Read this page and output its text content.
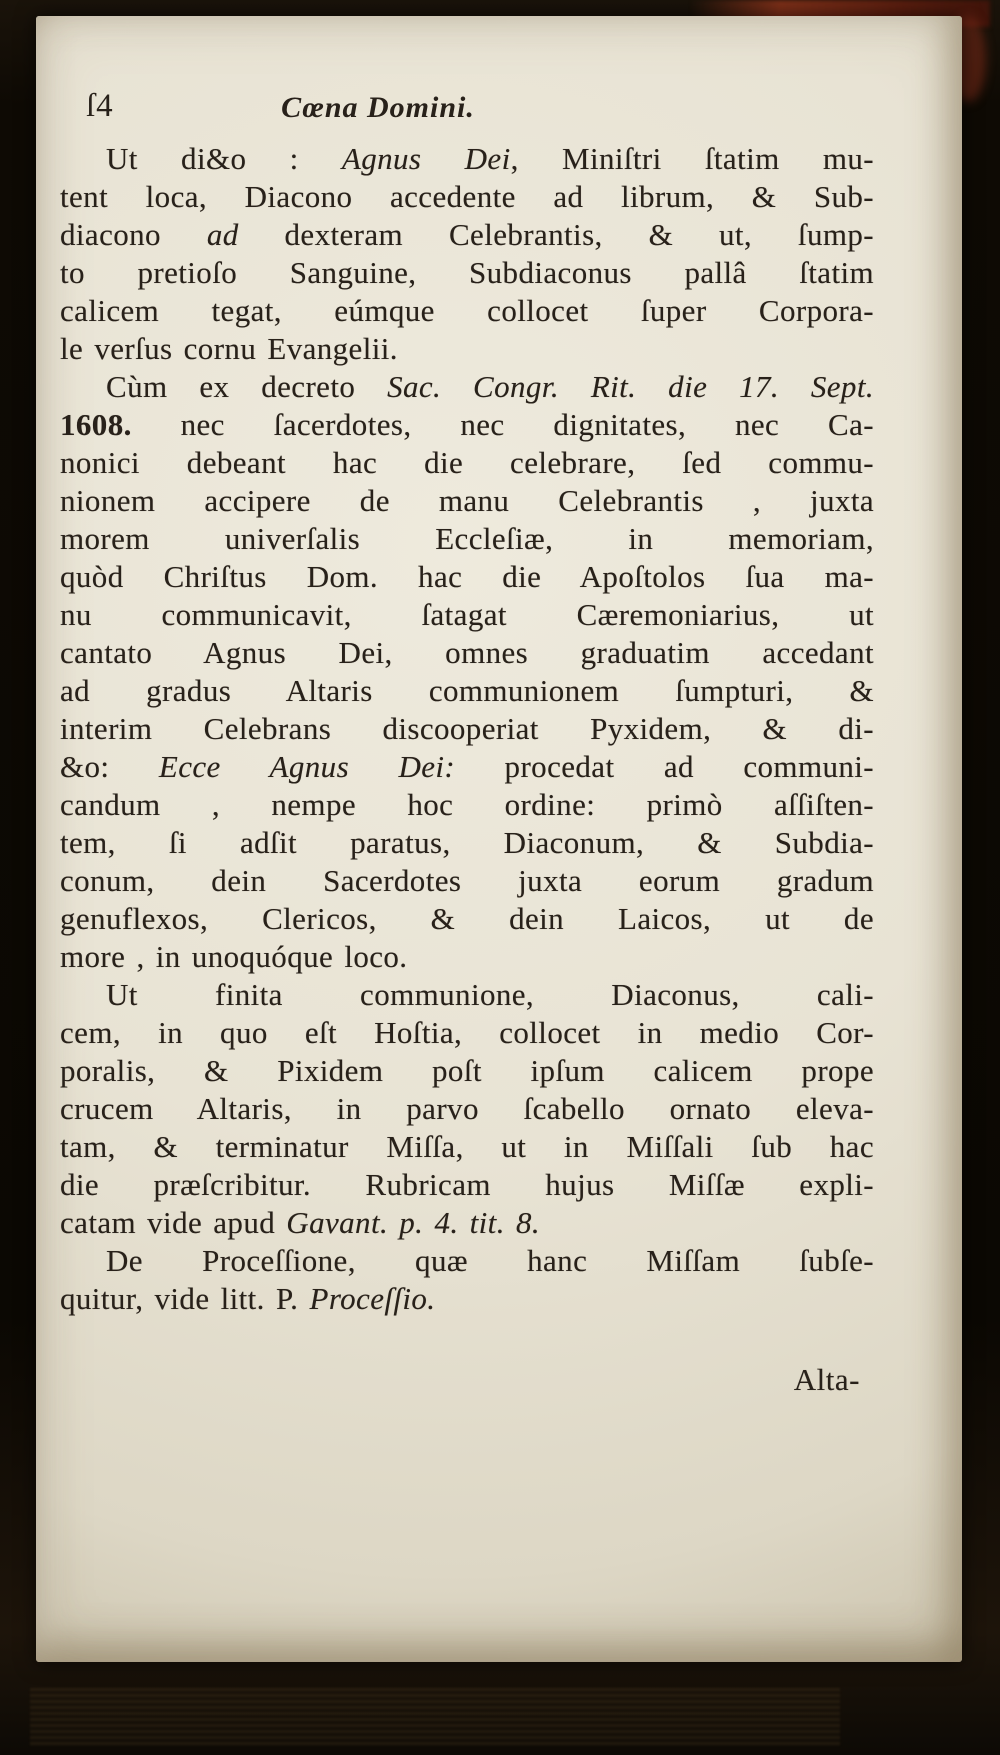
ſ4	Cœna Domini.
Ut di&o : Agnus Dei, Miniſtri ſtatim mu-
tent loca, Diacono accedente ad librum, & Sub-
diacono ad dexteram Celebrantis, & ut, ſump-
to pretioſo Sanguine, Subdiaconus pallâ ſtatim
calicem tegat, eúmque collocet ſuper Corpora-
le verſus cornu Evangelii.
Cùm ex decreto Sac. Congr. Rit. die 17. Sept.
1608. nec ſacerdotes, nec dignitates, nec Ca-
nonici debeant hac die celebrare, ſed commu-
nionem accipere de manu Celebrantis , juxta
morem univerſalis Eccleſiæ, in memoriam,
quòd Chriſtus Dom. hac die Apoſtolos ſua ma-
nu communicavit, ſatagat Cæremoniarius, ut
cantato Agnus Dei, omnes graduatim accedant
ad gradus Altaris communionem ſumpturi, &
interim Celebrans discooperiat Pyxidem, & di-
&o: Ecce Agnus Dei: procedat ad communi-
candum , nempe hoc ordine: primò aſſiſten-
tem, ſi adſit paratus, Diaconum, & Subdia-
conum, dein Sacerdotes juxta eorum gradum
genuflexos, Clericos, & dein Laicos, ut de
more , in unoquóque loco.
Ut finita communione, Diaconus, cali-
cem, in quo eſt Hoſtia, collocet in medio Cor-
poralis, & Pixidem poſt ipſum calicem prope
crucem Altaris, in parvo ſcabello ornato eleva-
tam, & terminatur Miſſa, ut in Miſſali ſub hac
die præſcribitur. Rubricam hujus Miſſæ expli-
catam vide apud Gavant. p. 4. tit. 8.
De Proceſſione, quæ hanc Miſſam ſubſe-
quitur, vide litt. P. Proceſſio.
Alta-
